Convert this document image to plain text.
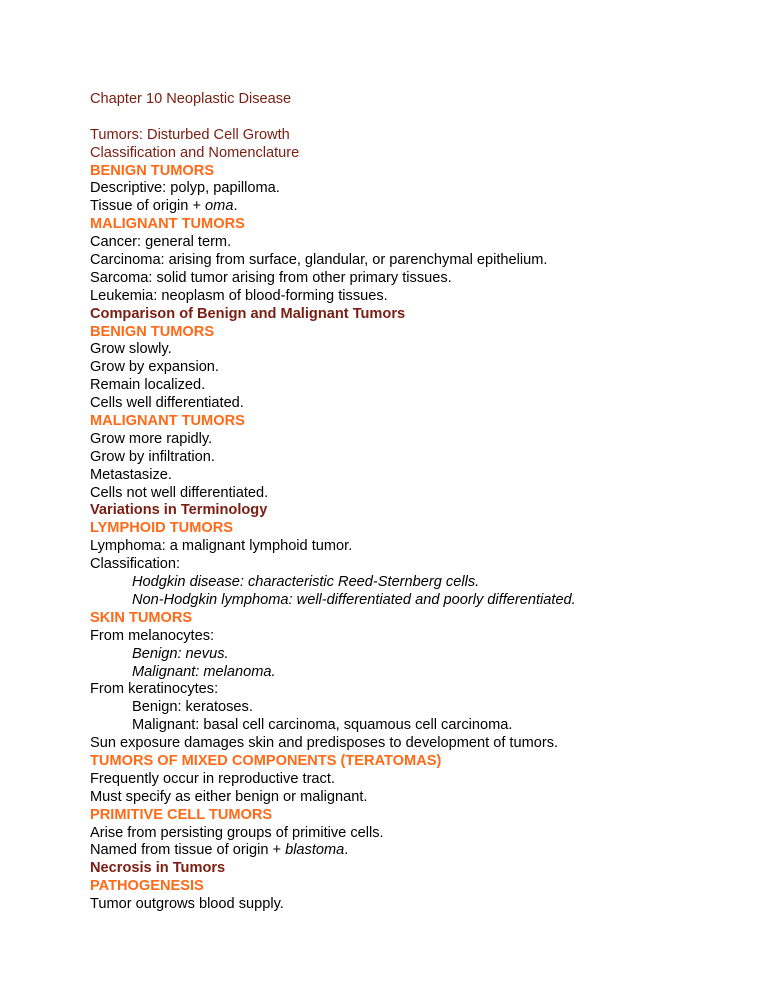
Chapter 10 Neoplastic Disease

Tumors: Disturbed Cell Growth

Classification and Nomenclature

BENIGN TUMORS

Descriptive: polyp, papilloma.

Tissue of origin + oma.

MALIGNANT TUMORS

Cancer: general term.

Carcinoma: arising from surface, glandular, or parenchymal epithelium.

Sarcoma: solid tumor arising from other primary tissues.

Leukemia: neoplasm of blood-forming tissues.

Comparison of Benign and Malignant Tumors

BENIGN TUMORS

Grow slowly.

Grow by expansion.

Remain localized.

Cells well differentiated.

MALIGNANT TUMORS

Grow more rapidly.

Grow by infiltration.

Metastasize.

Cells not well differentiated.

Variations in Terminology

LYMPHOID TUMORS

Lymphoma: a malignant lymphoid tumor.

Classification:

Hodgkin disease: characteristic Reed-Sternberg cells.

Non-Hodgkin lymphoma: well-differentiated and poorly differentiated.

SKIN TUMORS

From melanocytes:

Benign: nevus.

Malignant: melanoma.

From keratinocytes:

Benign: keratoses.

Malignant: basal cell carcinoma, squamous cell carcinoma.

Sun exposure damages skin and predisposes to development of tumors.

TUMORS OF MIXED COMPONENTS (TERATOMAS)

Frequently occur in reproductive tract.

Must specify as either benign or malignant.

PRIMITIVE CELL TUMORS

Arise from persisting groups of primitive cells.

Named from tissue of origin + blastoma.

Necrosis in Tumors

PATHOGENESIS

Tumor outgrows blood supply.
